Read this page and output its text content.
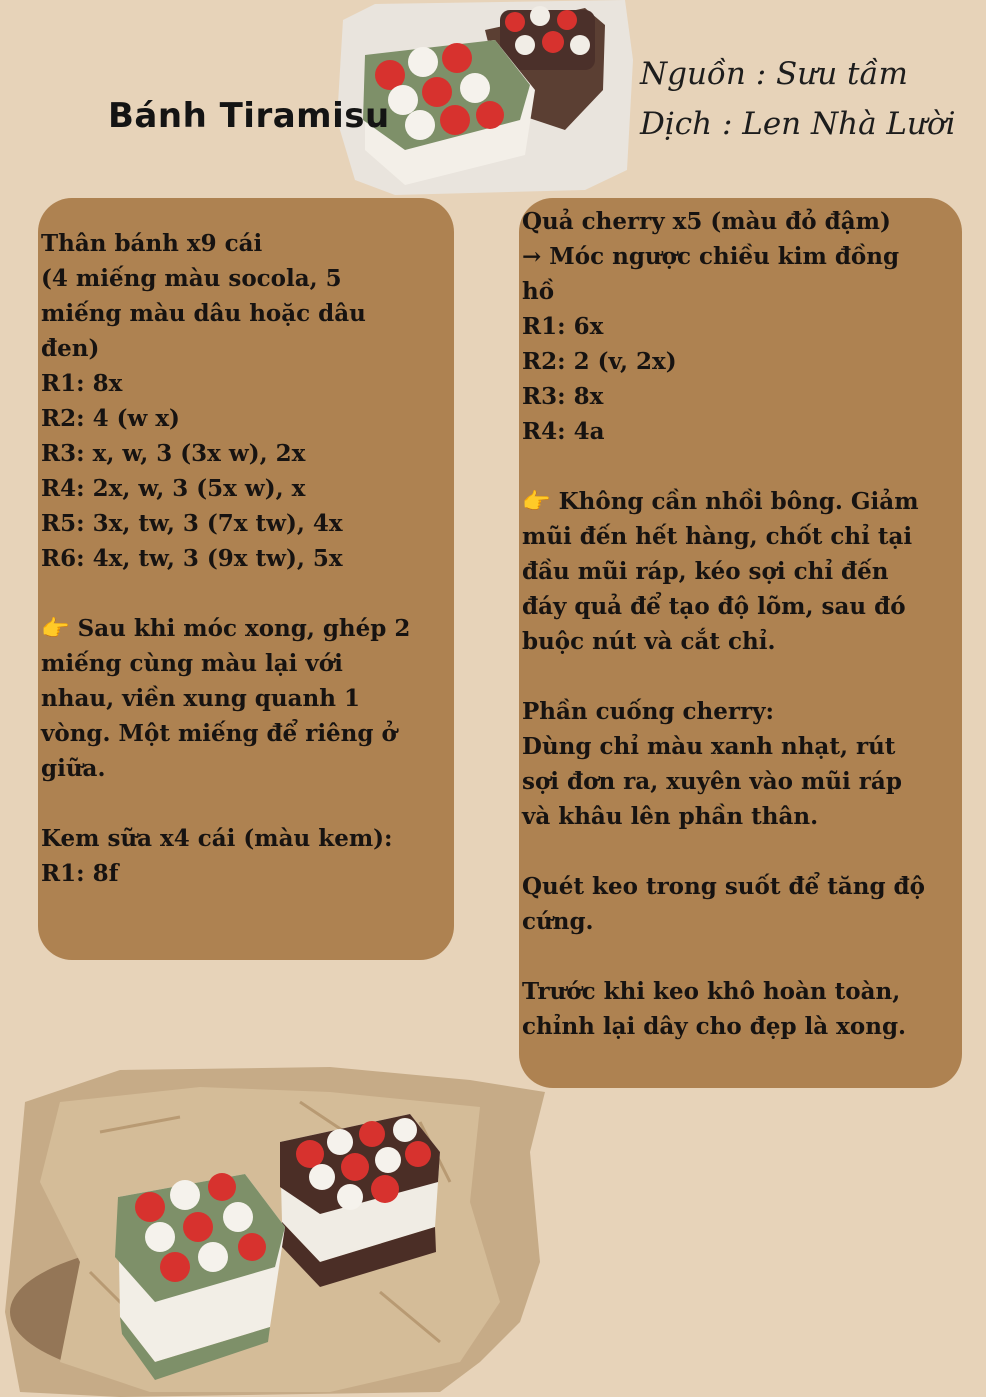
Bánh Tiramisu
Nguồn : Sưu tầm
Dịch : Len Nhà Lười
Thân bánh x9 cái
(4 miếng màu socola, 5
miếng màu dâu hoặc dâu
đen)
R1: 8x
R2: 4 (w x)
R3: x, w, 3 (3x w), 2x
R4: 2x, w, 3 (5x w), x
R5: 3x, tw, 3 (7x tw), 4x
R6: 4x, tw, 3 (9x tw), 5x

👉 Sau khi móc xong, ghép 2
miếng cùng màu lại với
nhau, viền xung quanh 1
vòng. Một miếng để riêng ở
giữa.

Kem sữa x4 cái (màu kem):
R1: 8f
Quả cherry x5 (màu đỏ đậm)
→ Móc ngược chiều kim đồng
hồ
R1: 6x
R2: 2 (v, 2x)
R3: 8x
R4: 4a

👉 Không cần nhồi bông. Giảm
mũi đến hết hàng, chốt chỉ tại
đầu mũi ráp, kéo sợi chỉ đến
đáy quả để tạo độ lõm, sau đó
buộc nút và cắt chỉ.

Phần cuống cherry:
Dùng chỉ màu xanh nhạt, rút
sợi đơn ra, xuyên vào mũi ráp
và khâu lên phần thân.

Quét keo trong suốt để tăng độ
cứng.

Trước khi keo khô hoàn toàn,
chỉnh lại dây cho đẹp là xong.
